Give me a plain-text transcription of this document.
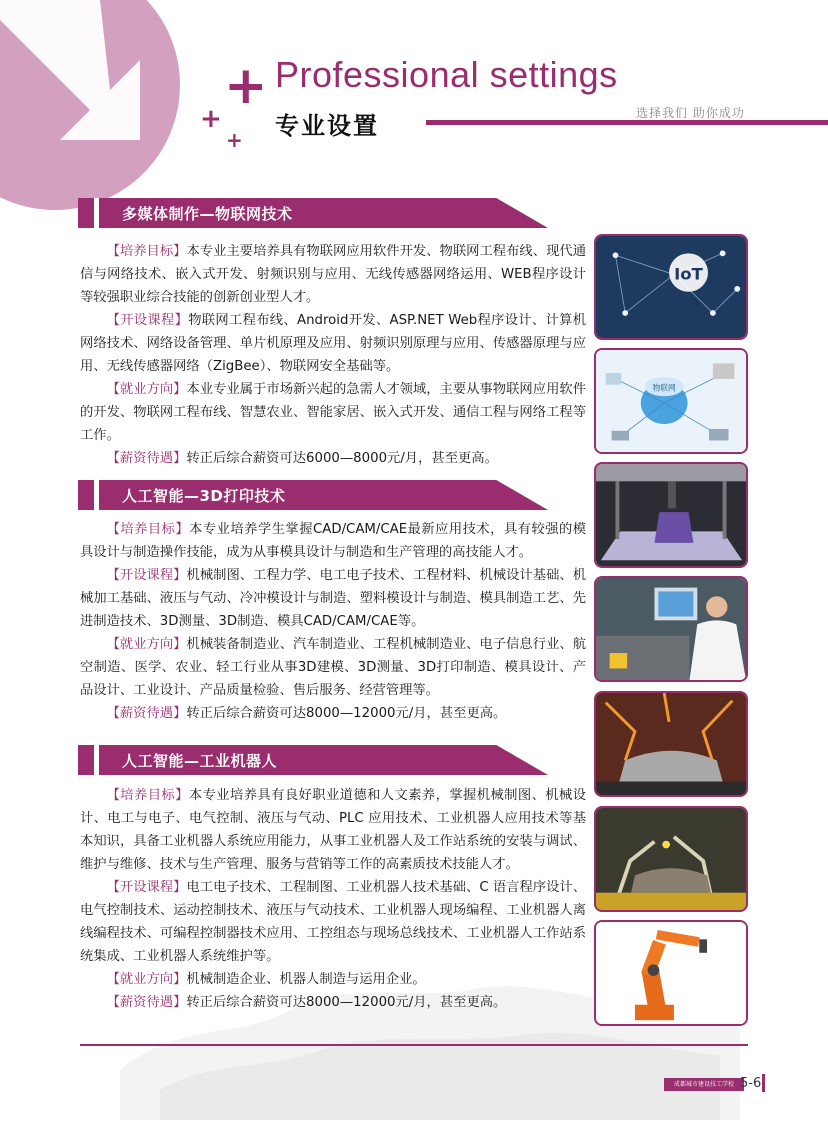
+
+
+
Professional settings
专业设置	选择我们 助你成功
多媒体制作—物联网技术

【培养目标】本专业主要培养具有物联网应用软件开发、物联网工程布线、现代通信与网络技术、嵌入式开发、射频识别与应用、无线传感器网络运用、WEB程序设计等较强职业综合技能的创新创业型人才。

【开设课程】物联网工程布线、Android开发、ASP.NET Web程序设计、计算机网络技术、网络设备管理、单片机原理及应用、射频识别原理与应用、传感器原理与应用、无线传感器网络（ZigBee）、物联网安全基础等。

【就业方向】本业专业属于市场新兴起的急需人才领域，主要从事物联网应用软件的开发、物联网工程布线、智慧农业、智能家居、嵌入式开发、通信工程与网络工程等工作。

【薪资待遇】转正后综合薪资可达6000—8000元/月，甚至更高。

人工智能—3D打印技术

【培养目标】本专业培养学生掌握CAD/CAM/CAE最新应用技术，具有较强的模具设计与制造操作技能，成为从事模具设计与制造和生产管理的高技能人才。

【开设课程】机械制图、工程力学、电工电子技术、工程材料、机械设计基础、机械加工基础、液压与气动、冷冲模设计与制造、塑料模设计与制造、模具制造工艺、先进制造技术、3D测量、3D制造、模具CAD/CAM/CAE等。

【就业方向】机械装备制造业、汽车制造业、工程机械制造业、电子信息行业、航空制造、医学、农业、轻工行业从事3D建模、3D测量、3D打印制造、模具设计、产品设计、工业设计、产品质量检验、售后服务、经营管理等。

【薪资待遇】转正后综合薪资可达8000—12000元/月，甚至更高。

人工智能—工业机器人

【培养目标】本专业培养具有良好职业道德和人文素养，掌握机械制图、机械设计、电工与电子、电气控制、液压与气动、PLC 应用技术、工业机器人应用技术等基本知识，具备工业机器人系统应用能力，从事工业机器人及工作站系统的安装与调试、维护与维修、技术与生产管理、服务与营销等工作的高素质技术技能人才。

【开设课程】电工电子技术、工程制图、工业机器人技术基础、C 语言程序设计、电气控制技术、运动控制技术、液压与气动技术、工业机器人现场编程、工业机器人离线编程技术、可编程控制器技术应用、工控组态与现场总线技术、工业机器人工作站系统集成、工业机器人系统维护等。

【就业方向】机械制造企业、机器人制造与运用企业。

【薪资待遇】转正后综合薪资可达8000—12000元/月，甚至更高。

IoT
物联网
成都城市建设技工学校 5-6
